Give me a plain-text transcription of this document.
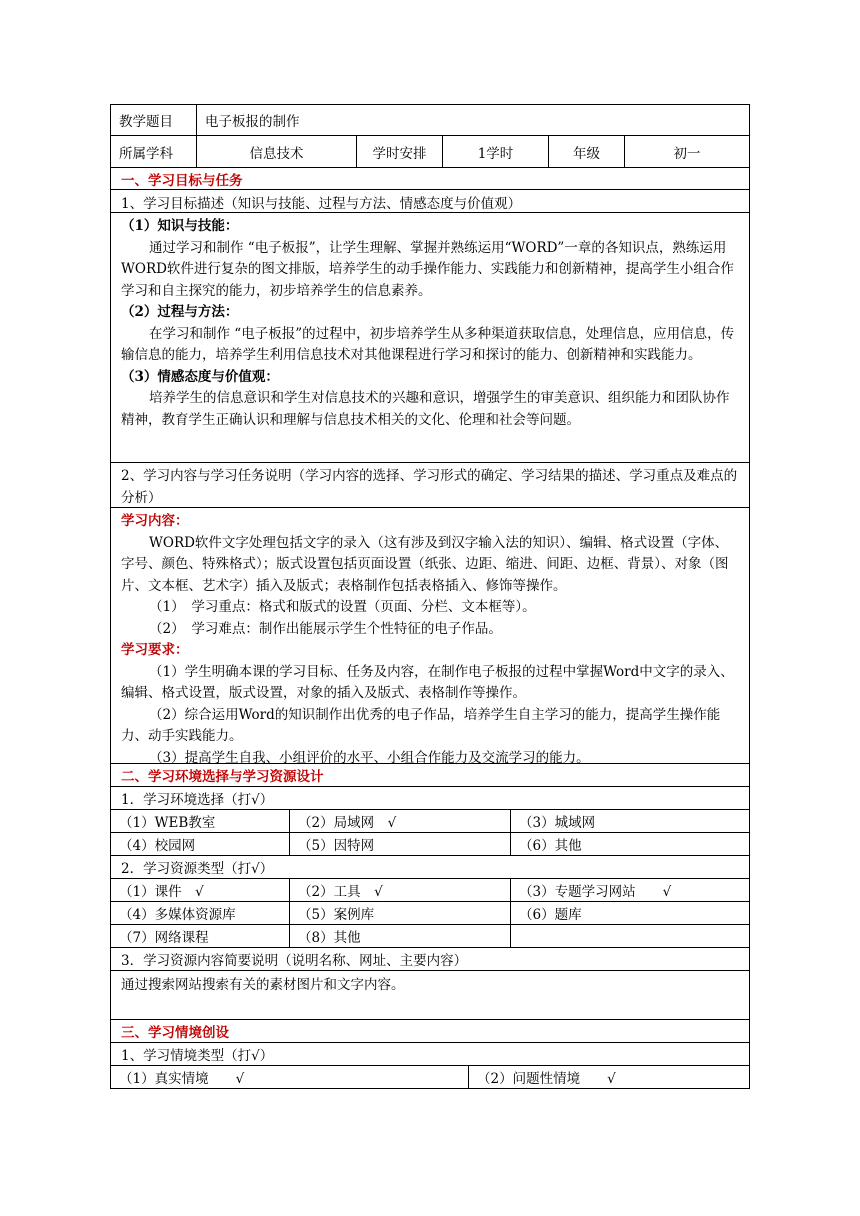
教学题目	电子板报的制作
所属学科	信息技术	学时安排	1学时	年级	初一
一、学习目标与任务
1、学习目标描述（知识与技能、过程与方法、情感态度与价值观）

（1）知识与技能：

通过学习和制作 “电子板报”，让学生理解、掌握并熟练运用“WORD”一章的各知识点，熟练运用WORD软件进行复杂的图文排版，培养学生的动手操作能力、实践能力和创新精神，提高学生小组合作学习和自主探究的能力，初步培养学生的信息素养。

（2）过程与方法：

在学习和制作 “电子板报”的过程中，初步培养学生从多种渠道获取信息，处理信息，应用信息，传输信息的能力，培养学生利用信息技术对其他课程进行学习和探讨的能力、创新精神和实践能力。

（3）情感态度与价值观：

培养学生的信息意识和学生对信息技术的兴趣和意识，增强学生的审美意识、组织能力和团队协作精神，教育学生正确认识和理解与信息技术相关的文化、伦理和社会等问题。

2、学习内容与学习任务说明（学习内容的选择、学习形式的确定、学习结果的描述、学习重点及难点的分析）

学习内容：

WORD软件文字处理包括文字的录入（这有涉及到汉字输入法的知识）、编辑、格式设置（字体、字号、颜色、特殊格式）；版式设置包括页面设置（纸张、边距、缩进、间距、边框、背景）、对象（图片、文本框、艺术字）插入及版式；表格制作包括表格插入、修饰等操作。

（1）　学习重点：格式和版式的设置（页面、分栏、文本框等）。

（2）　学习难点：制作出能展示学生个性特征的电子作品。

学习要求：

（1）学生明确本课的学习目标、任务及内容，在制作电子板报的过程中掌握Word中文字的录入、编辑、格式设置，版式设置，对象的插入及版式、表格制作等操作。

（2）综合运用Word的知识制作出优秀的电子作品，培养学生自主学习的能力，提高学生操作能力、动手实践能力。

（3）提高学生自我、小组评价的水平、小组合作能力及交流学习的能力。

二、学习环境选择与学习资源设计
1．学习环境选择（打√）
（1）WEB教室	（2）局域网　√	（3）城域网
（4）校园网	（5）因特网	（6）其他
2．学习资源类型（打√）
（1）课件　√	（2）工具　√	（3）专题学习网站　　√
（4）多媒体资源库	（5）案例库	（6）题库
（7）网络课程	（8）其他
3．学习资源内容简要说明（说明名称、网址、主要内容）
通过搜索网站搜索有关的素材图片和文字内容。
三、学习情境创设
1、学习情境类型（打√）
（1）真实情境　　√	（2）问题性情境　　√
